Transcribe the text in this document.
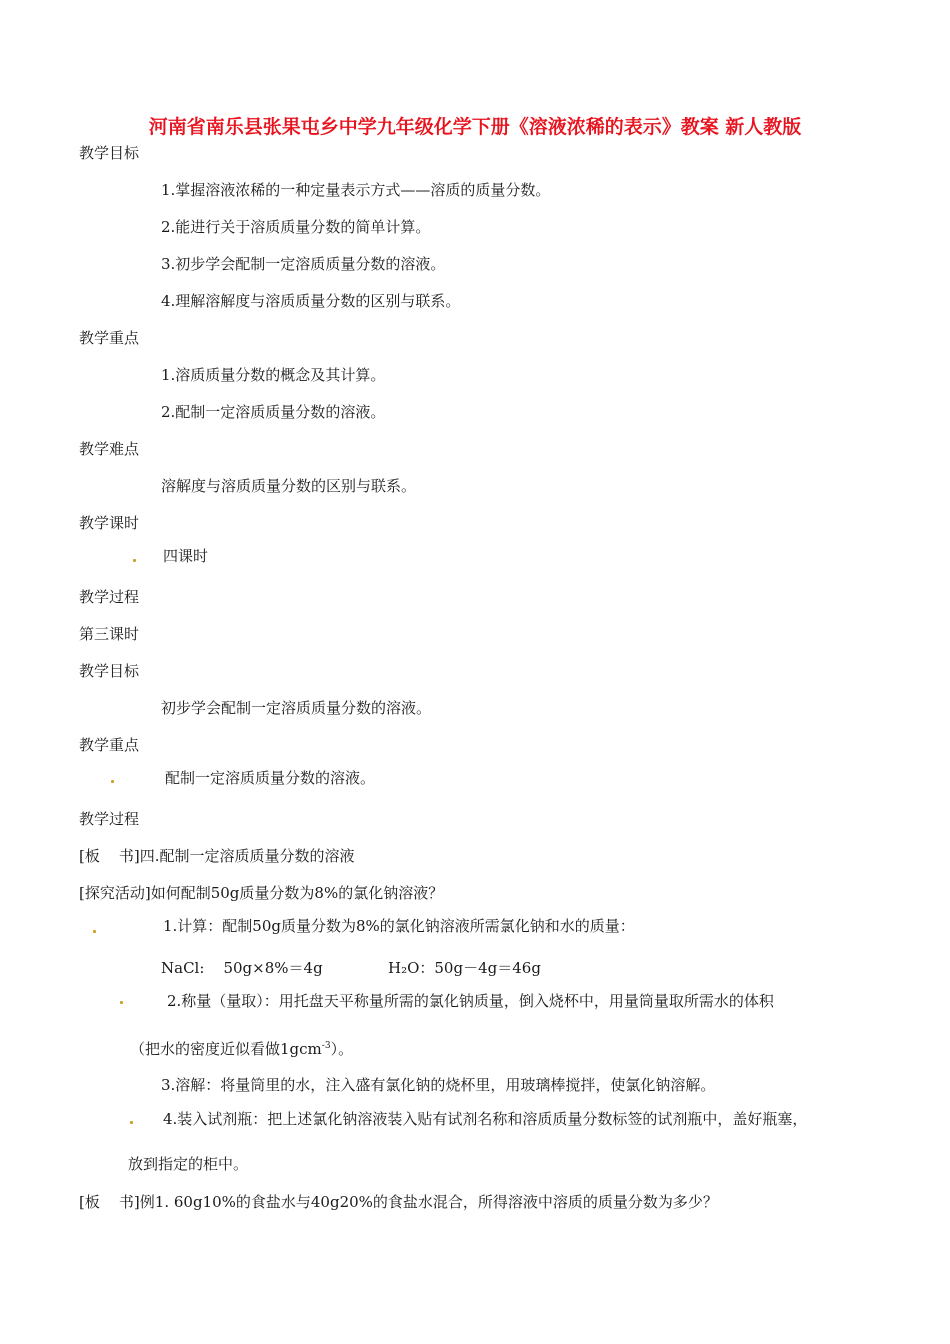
河南省南乐县张果屯乡中学九年级化学下册《溶液浓稀的表示》教案 新人教版
教学目标
1.掌握溶液浓稀的一种定量表示方式——溶质的质量分数。
2.能进行关于溶质质量分数的简单计算。
3.初步学会配制一定溶质质量分数的溶液。
4.理解溶解度与溶质质量分数的区别与联系。
教学重点
1.溶质质量分数的概念及其计算。
2.配制一定溶质质量分数的溶液。
教学难点
溶解度与溶质质量分数的区别与联系。
教学课时
四课时
教学过程
第三课时
教学目标
初步学会配制一定溶质质量分数的溶液。
教学重点
配制一定溶质质量分数的溶液。
教学过程
[板    书]四.配制一定溶质质量分数的溶液
[探究活动]如何配制50g质量分数为8%的氯化钠溶液？
1.计算：配制50g质量分数为8%的氯化钠溶液所需氯化钠和水的质量：
NaCl:    50g×8%＝4g	H₂O：50g－4g＝46g
2.称量（量取）：用托盘天平称量所需的氯化钠质量，倒入烧杯中，用量筒量取所需水的体积
（把水的密度近似看做1gcm$^{-3}$）。
3.溶解：将量筒里的水，注入盛有氯化钠的烧杯里，用玻璃棒搅拌，使氯化钠溶解。
4.装入试剂瓶：把上述氯化钠溶液装入贴有试剂名称和溶质质量分数标签的试剂瓶中，盖好瓶塞，
放到指定的柜中。
[板    书]例1. 60g10%的食盐水与40g20%的食盐水混合，所得溶液中溶质的质量分数为多少？
